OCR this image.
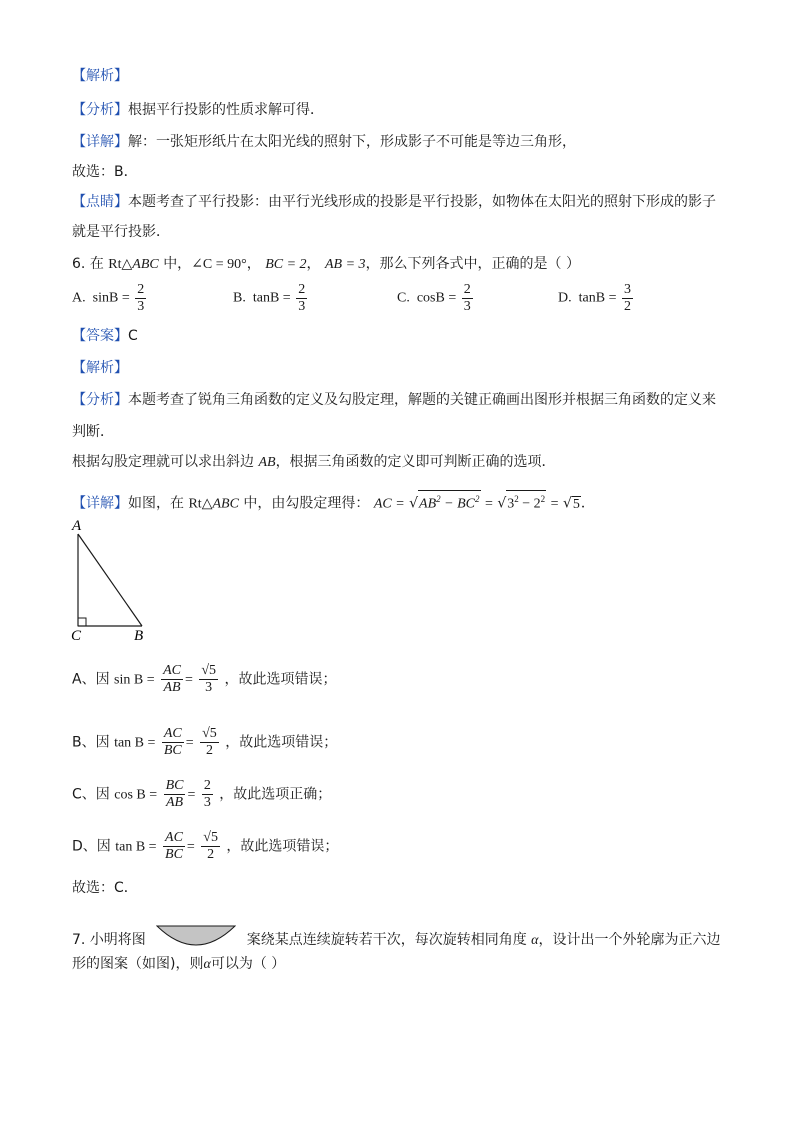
【解析】
【分析】根据平行投影的性质求解可得．
【详解】解：一张矩形纸片在太阳光线的照射下，形成影子不可能是等边三角形，
故选：B．
【点睛】本题考查了平行投影：由平行光线形成的投影是平行投影，如物体在太阳光的照射下形成的影子
就是平行投影．
6. 在 Rt△ABC 中，∠C = 90°， BC = 2， AB = 3，那么下列各式中，正确的是（ ）
A. $\sin B = \frac{2}{3}$	B. $\tan B = \frac{2}{3}$	C. $\cos B = \frac{2}{3}$	D. $\tan B = \frac{3}{2}$
【答案】C
【解析】
【分析】本题考查了锐角三角函数的定义及勾股定理，解题的关键正确画出图形并根据三角函数的定义来
判断．
根据勾股定理就可以求出斜边 AB，根据三角函数的定义即可判断正确的选项．
【详解】如图，在 Rt△ABC 中，由勾股定理得： AC = $√AB^2 - BC^2 = √3^2 - 2^2 = √5$．
A
C	B
A、因 $\sin B = \frac{AC}{AB} = \frac{√5}{3}$ ，故此选项错误；
B、因 $\tan B = \frac{AC}{BC} = \frac{√5}{2}$ ，故此选项错误；
C、因 $\cos B = \frac{BC}{AB} = \frac{2}{3}$ ，故此选项正确；
D、因 $\tan B = \frac{AC}{BC} = \frac{√5}{2}$ ，故此选项错误；
故选：C．
7. 小明将图	案绕某点连续旋转若干次，每次旋转相同角度 α，设计出一个外轮廓为正六边
形的图案（如图)，则α可以为（ ）
